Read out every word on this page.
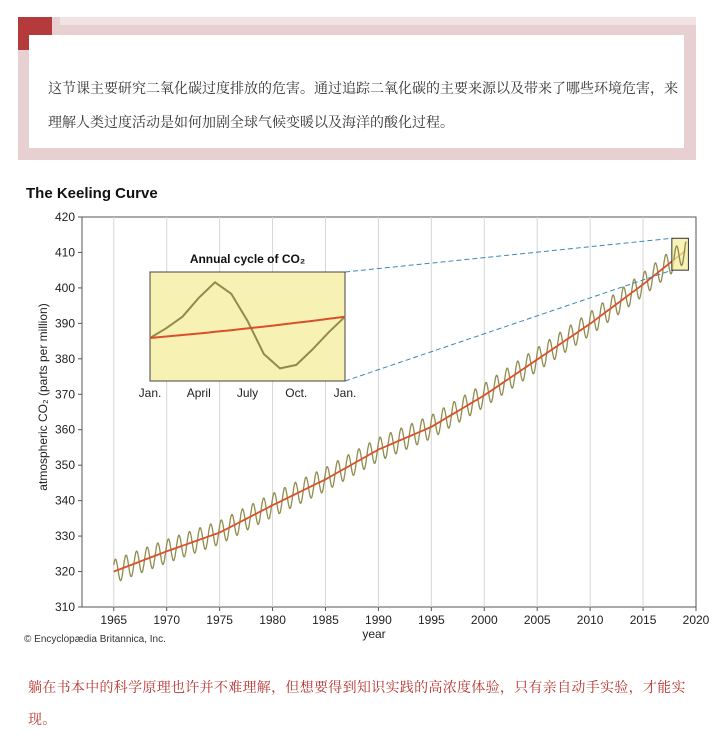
这节课主要研究二氧化碳过度排放的危害。通过追踪二氧化碳的主要来源以及带来了哪些环境危害，来理解人类过度活动是如何加剧全球气候变暖以及海洋的酸化过程。
The Keeling Curve
1965 1970 1975 1980 1985 1990 1995 2000 2005 2010 2015 2020
310
320
330
340
350
360
370
380
390
400
410
420
year
atmospheric CO₂ (parts per million)
© Encyclopædia Britannica, Inc.
Annual cycle of CO₂
Jan. April July Oct. Jan.
躺在书本中的科学原理也许并不难理解，但想要得到知识实践的高浓度体验，只有亲自动手实验，才能实现。
